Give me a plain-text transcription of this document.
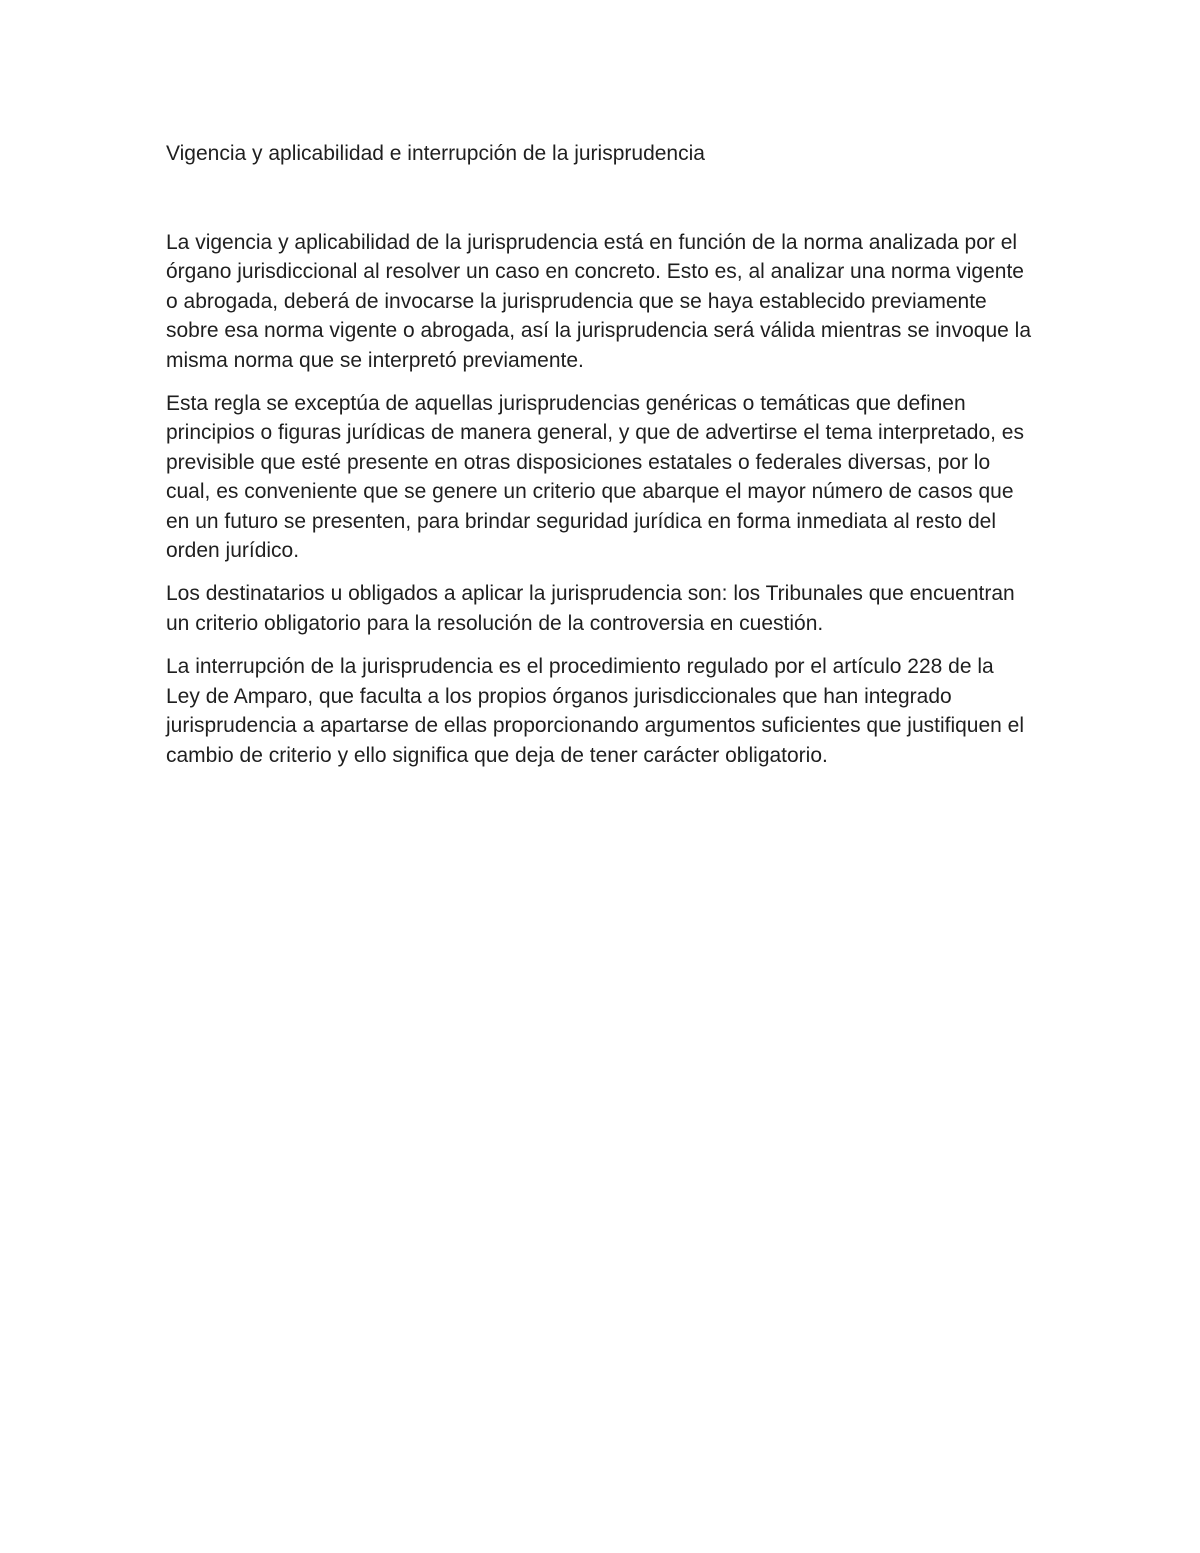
Vigencia y aplicabilidad e interrupción de la jurisprudencia

La vigencia y aplicabilidad de la jurisprudencia está en función de la norma analizada por el órgano jurisdiccional al resolver un caso en concreto. Esto es, al analizar una norma vigente o abrogada, deberá de invocarse la jurisprudencia que se haya establecido previamente sobre esa norma vigente o abrogada, así la jurisprudencia será válida mientras se invoque la misma norma que se interpretó previamente.

Esta regla se exceptúa de aquellas jurisprudencias genéricas o temáticas que definen principios o figuras jurídicas de manera general, y que de advertirse el tema interpretado, es previsible que esté presente en otras disposiciones estatales o federales diversas, por lo cual, es conveniente que se genere un criterio que abarque el mayor número de casos que en un futuro se presenten, para brindar seguridad jurídica en forma inmediata al resto del orden jurídico.

Los destinatarios u obligados a aplicar la jurisprudencia son: los Tribunales que encuentran un criterio obligatorio para la resolución de la controversia en cuestión.

La interrupción de la jurisprudencia es el procedimiento regulado por el artículo 228 de la Ley de Amparo, que faculta a los propios órganos jurisdiccionales que han integrado jurisprudencia a apartarse de ellas proporcionando argumentos suficientes que justifiquen el cambio de criterio y ello significa que deja de tener carácter obligatorio.
